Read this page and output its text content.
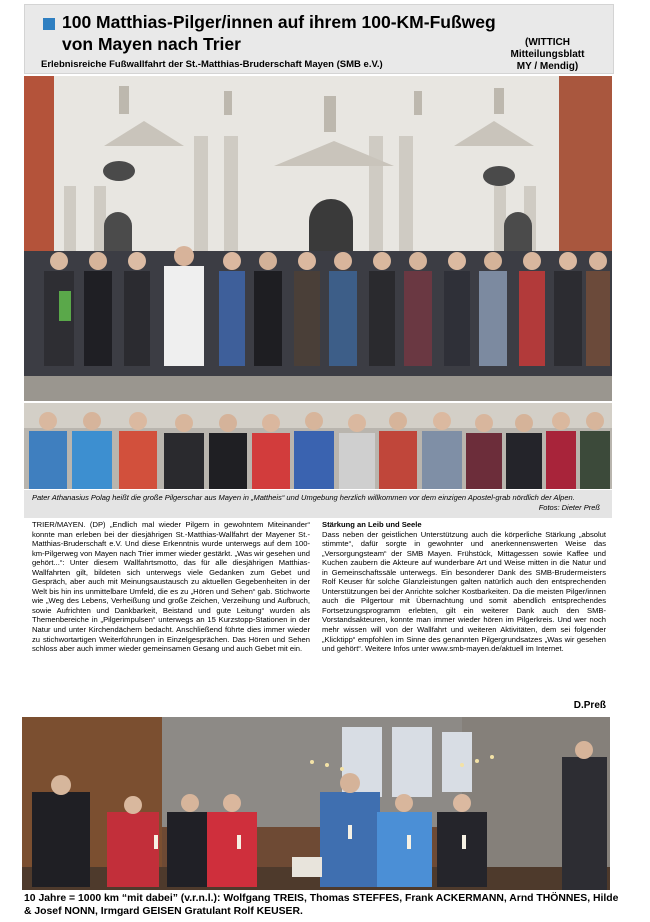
100 Matthias-Pilger/innen auf ihrem 100-KM-Fußweg von Mayen nach Trier
Erlebnisreiche Fußwallfahrt der St.-Matthias-Bruderschaft Mayen (SMB e.V.)
(WITTICH
Mitteilungsblatt
MY / Mendig)
Pater Athanasius Polag heißt die große Pilgerschar aus Mayen in „Mattheis“ und Umgebung herzlich willkommen vor dem einzigen Apostel-grab nördlich der Alpen.
Fotos: Dieter Preß

TRIER/MAYEN. (DP) „Endlich mal wieder Pilgern in gewohntem Miteinander“ konnte man erleben bei der diesjährigen St.-Matthias-Wallfahrt der Mayener St.-Matthias-Bruderschaft e.V. Und diese Erkenntnis wurde unterwegs auf dem 100-km-Pilgerweg von Mayen nach Trier immer wieder gestärkt. „Was wir gesehen und gehört...“: Unter diesem Wallfahrtsmotto, das für alle diesjährigen Matthias-Wallfahrten gilt, bildeten sich unterwegs viele Gedanken zum Gebet und Gespräch, aber auch mit Meinungsaustausch zu aktuellen Gegebenheiten in der Welt bis hin ins unmittelbare Umfeld, die es zu „Hören und Sehen“ gab. Stichworte wie „Weg des Lebens, Verheißung und große Zeichen, Verzeihung und Aufbruch, sowie Aufrichten und Dankbarkeit, Beistand und gute Leitung“ wurden als Themenbereiche in „Pilgerimpulsen“ unterwegs an 15 Kurzstopp-Stationen in der Natur und unter Kirchendächern bedacht. Anschließend führte dies immer wieder zu stichwortartigen Weiterführungen in Einzelgesprächen. Das Hören und Sehen schloss aber auch immer wieder gemeinsamen Gesang und auch Gebet mit ein.

Stärkung an Leib und Seele

Dass neben der geistlichen Unterstützung auch die körperliche Stärkung „absolut stimmte“, dafür sorgte in gewohnter und anerkennenswerten Weise das „Versorgungsteam“ der SMB Mayen. Frühstück, Mittagessen sowie Kaffee und Kuchen zaubern die Akteure auf wunderbare Art und Weise mitten in die Natur und in Gemeinschaftssäle unterwegs. Ein besonderer Dank des SMB-Brudermeisters Rolf Keuser für solche Glanzleistungen galten natürlich auch den entsprechenden Unterstützungen bei der Anrichte solcher Kostbarkeiten. Da die meisten Pilger/innen auch die Pilgertour mit Übernachtung und somit abendlich entsprechendes Fortsetzungsprogramm erlebten, gilt ein weiterer Dank auch den SMB-Vorstandsakteuren, konnte man immer wieder hören im Pilgerkreis. Und wer noch mehr wissen will von der Wallfahrt und weiteren Aktivitäten, dem sei folgender „Klicktipp“ empfohlen im Sinne des genannten Pilgergrundsatzes „Was wir gesehen und gehört“. Weitere Infos unter www.smb-mayen.de/aktuell im Internet.

D.Preß
10 Jahre = 1000 km “mit dabei” (v.r.n.l.): Wolfgang TREIS, Thomas STEFFES, Frank ACKERMANN, Arnd THÖNNES, Hilde & Josef NONN, Irmgard GEISEN Gratulant Rolf KEUSER.
